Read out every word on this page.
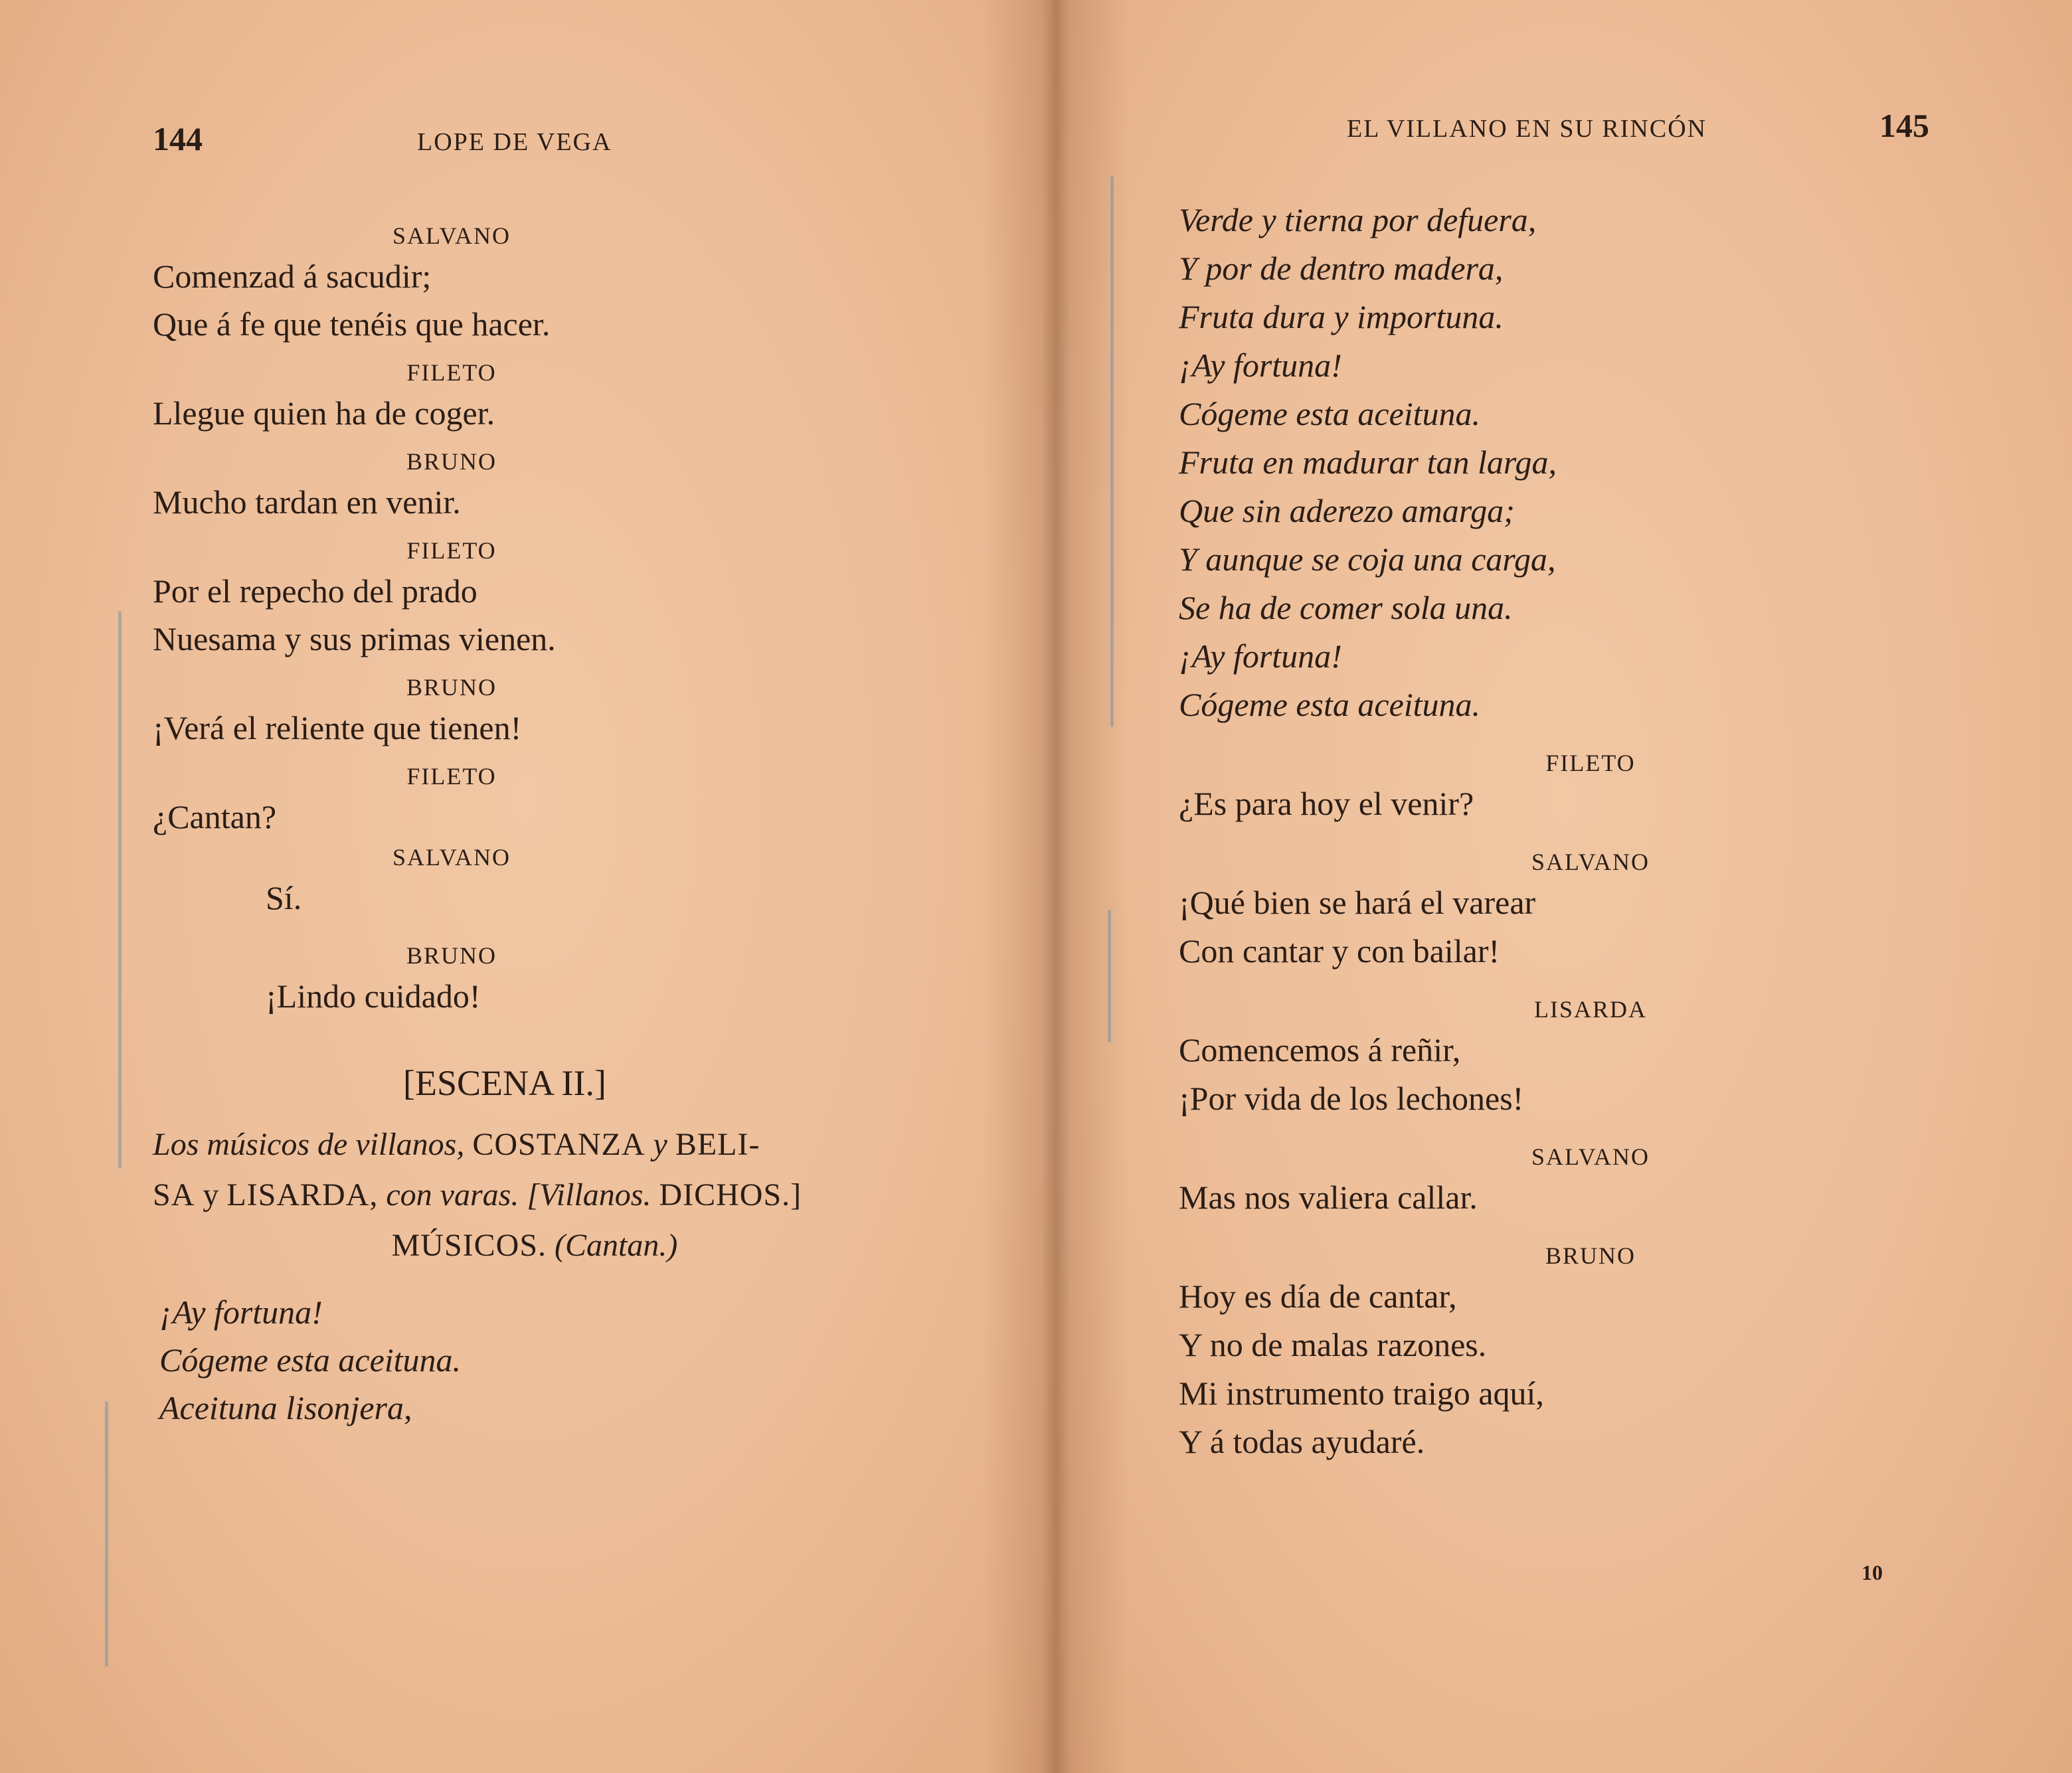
144	LOPE DE VEGA	145
EL VILLANO EN SU RINCÓN
SALVANO
Comenzad á sacudir;
Que á fe que tenéis que hacer.
FILETO
Llegue quien ha de coger.
BRUNO
Mucho tardan en venir.
FILETO
Por el repecho del prado
Nuesama y sus primas vienen.
BRUNO
¡Verá el reliente que tienen!
FILETO
¿Cantan?
SALVANO
Sí.
BRUNO
¡Lindo cuidado!
[ESCENA II.]
Los músicos de villanos, COSTANZA y BELI-
SA y LISARDA, con varas. [Villanos. DICHOS.]
MÚSICOS. (Cantan.)
¡Ay fortuna!
Cógeme esta aceituna.
Aceituna lisonjera,
Verde y tierna por defuera,
Y por de dentro madera,
Fruta dura y importuna.
¡Ay fortuna!
Cógeme esta aceituna.
Fruta en madurar tan larga,
Que sin aderezo amarga;
Y aunque se coja una carga,
Se ha de comer sola una.
¡Ay fortuna!
Cógeme esta aceituna.
FILETO
¿Es para hoy el venir?
SALVANO
¡Qué bien se hará el varear
Con cantar y con bailar!
LISARDA
Comencemos á reñir,
¡Por vida de los lechones!
SALVANO
Mas nos valiera callar.
BRUNO
Hoy es día de cantar,
Y no de malas razones.
Mi instrumento traigo aquí,
Y á todas ayudaré.
10
